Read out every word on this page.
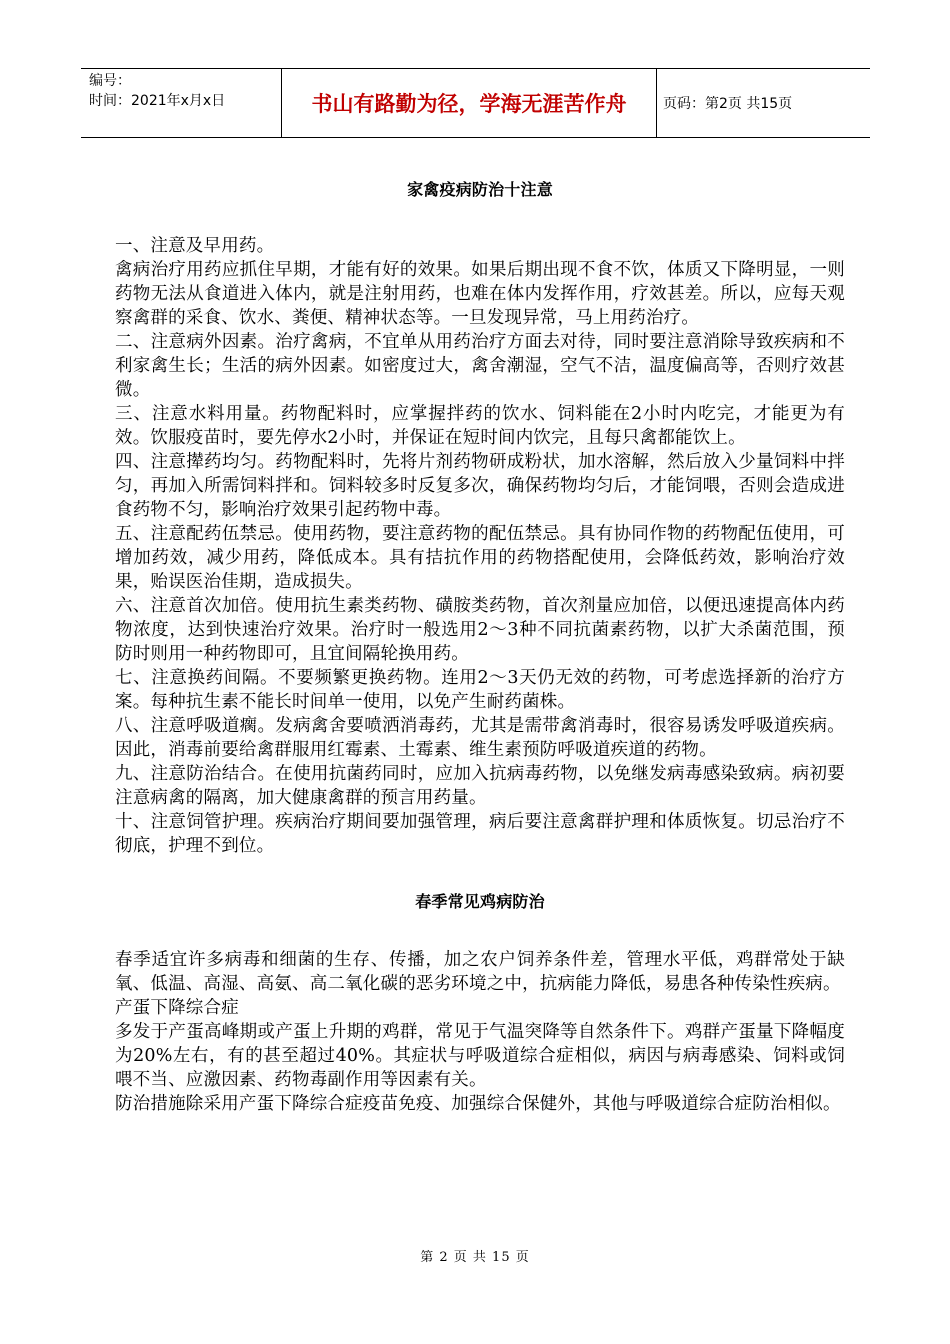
编号：
时间：2021年x月x日	书山有路勤为径，学海无涯苦作舟	页码：第2页 共15页
家禽疫病防治十注意

一、注意及早用药。

禽病治疗用药应抓住早期，才能有好的效果。如果后期出现不食不饮，体质又下降明显，一则药物无法从食道进入体内，就是注射用药，也难在体内发挥作用，疗效甚差。所以，应每天观察禽群的采食、饮水、粪便、精神状态等。一旦发现异常，马上用药治疗。

二、注意病外因素。治疗禽病，不宜单从用药治疗方面去对待，同时要注意消除导致疾病和不利家禽生长；生活的病外因素。如密度过大，禽舍潮湿，空气不洁，温度偏高等，否则疗效甚微。

三、注意水料用量。药物配料时，应掌握拌药的饮水、饲料能在2小时内吃完，才能更为有效。饮服疫苗时，要先停水2小时，并保证在短时间内饮完，且每只禽都能饮上。

四、注意撵药均匀。药物配料时，先将片剂药物研成粉状，加水溶解，然后放入少量饲料中拌匀，再加入所需饲料拌和。饲料较多时反复多次，确保药物均匀后，才能饲喂，否则会造成进食药物不匀，影响治疗效果引起药物中毒。

五、注意配药伍禁忌。使用药物，要注意药物的配伍禁忌。具有协同作物的药物配伍使用，可增加药效，减少用药，降低成本。具有拮抗作用的药物搭配使用，会降低药效，影响治疗效果，贻误医治佳期，造成损失。

六、注意首次加倍。使用抗生素类药物、磺胺类药物，首次剂量应加倍，以便迅速提高体内药物浓度，达到快速治疗效果。治疗时一般选用2～3种不同抗菌素药物，以扩大杀菌范围，预防时则用一种药物即可，且宜间隔轮换用药。

七、注意换药间隔。不要频繁更换药物。连用2～3天仍无效的药物，可考虑选择新的治疗方案。每种抗生素不能长时间单一使用，以免产生耐药菌株。

八、注意呼吸道瘸。发病禽舍要喷洒消毒药，尤其是需带禽消毒时，很容易诱发呼吸道疾病。因此，消毒前要给禽群服用红霉素、土霉素、维生素预防呼吸道疾道的药物。

九、注意防治结合。在使用抗菌药同时，应加入抗病毒药物，以免继发病毒感染致病。病初要注意病禽的隔离，加大健康禽群的预言用药量。

十、注意饲管护理。疾病治疗期间要加强管理，病后要注意禽群护理和体质恢复。切忌治疗不彻底，护理不到位。

春季常见鸡病防治

春季适宜许多病毒和细菌的生存、传播，加之农户饲养条件差，管理水平低，鸡群常处于缺氧、低温、高湿、高氨、高二氧化碳的恶劣环境之中，抗病能力降低，易患各种传染性疾病。

产蛋下降综合症

多发于产蛋高峰期或产蛋上升期的鸡群，常见于气温突降等自然条件下。鸡群产蛋量下降幅度为20%左右，有的甚至超过40%。其症状与呼吸道综合症相似，病因与病毒感染、饲料或饲喂不当、应激因素、药物毒副作用等因素有关。

防治措施除采用产蛋下降综合症疫苗免疫、加强综合保健外，其他与呼吸道综合症防治相似。

第 2 页 共 15 页
